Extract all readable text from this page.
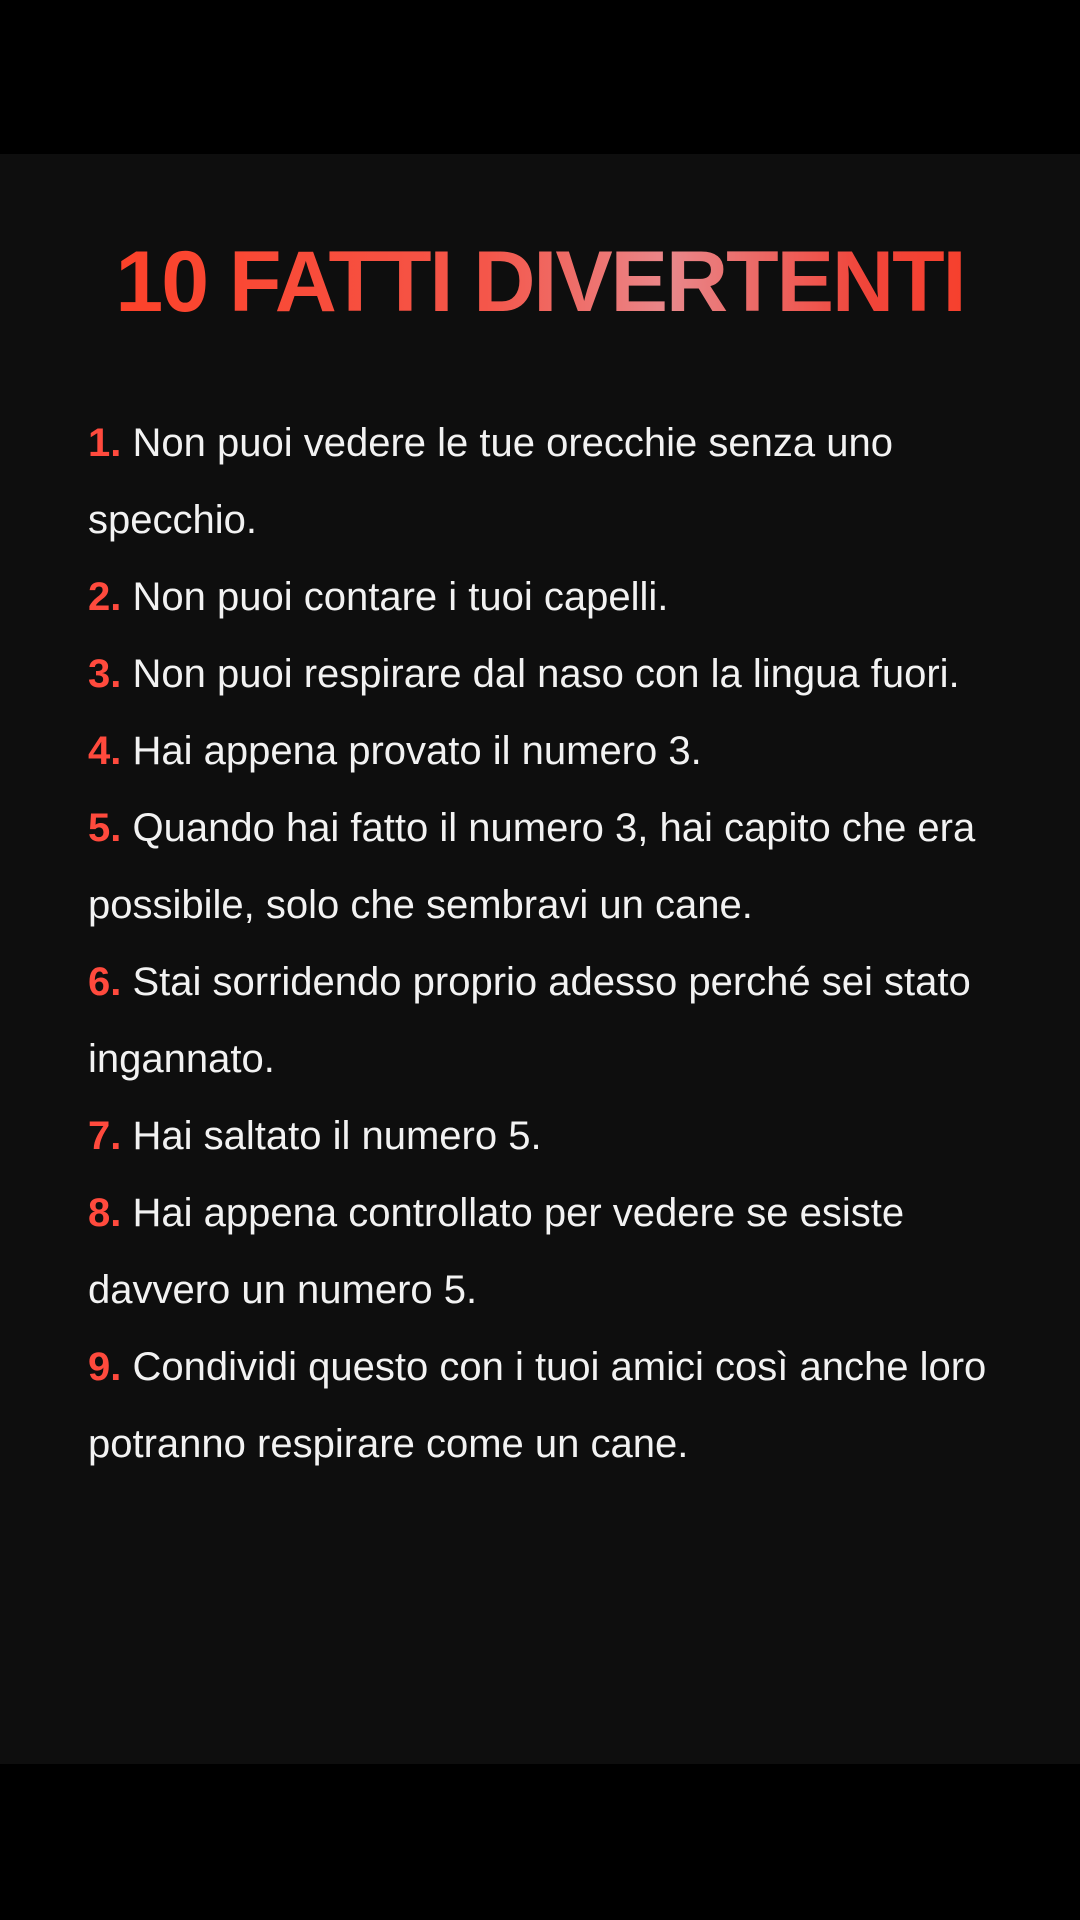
10 FATTI DIVERTENTI
1. Non puoi vedere le tue orecchie senza uno specchio.
2. Non puoi contare i tuoi capelli.
3. Non puoi respirare dal naso con la lingua fuori.
4. Hai appena provato il numero 3.
5. Quando hai fatto il numero 3, hai capito che era possibile, solo che sembravi un cane.
6. Stai sorridendo proprio adesso perché sei stato ingannato.
7. Hai saltato il numero 5.
8. Hai appena controllato per vedere se esiste davvero un numero 5.
9. Condividi questo con i tuoi amici così anche loro potranno respirare come un cane.
